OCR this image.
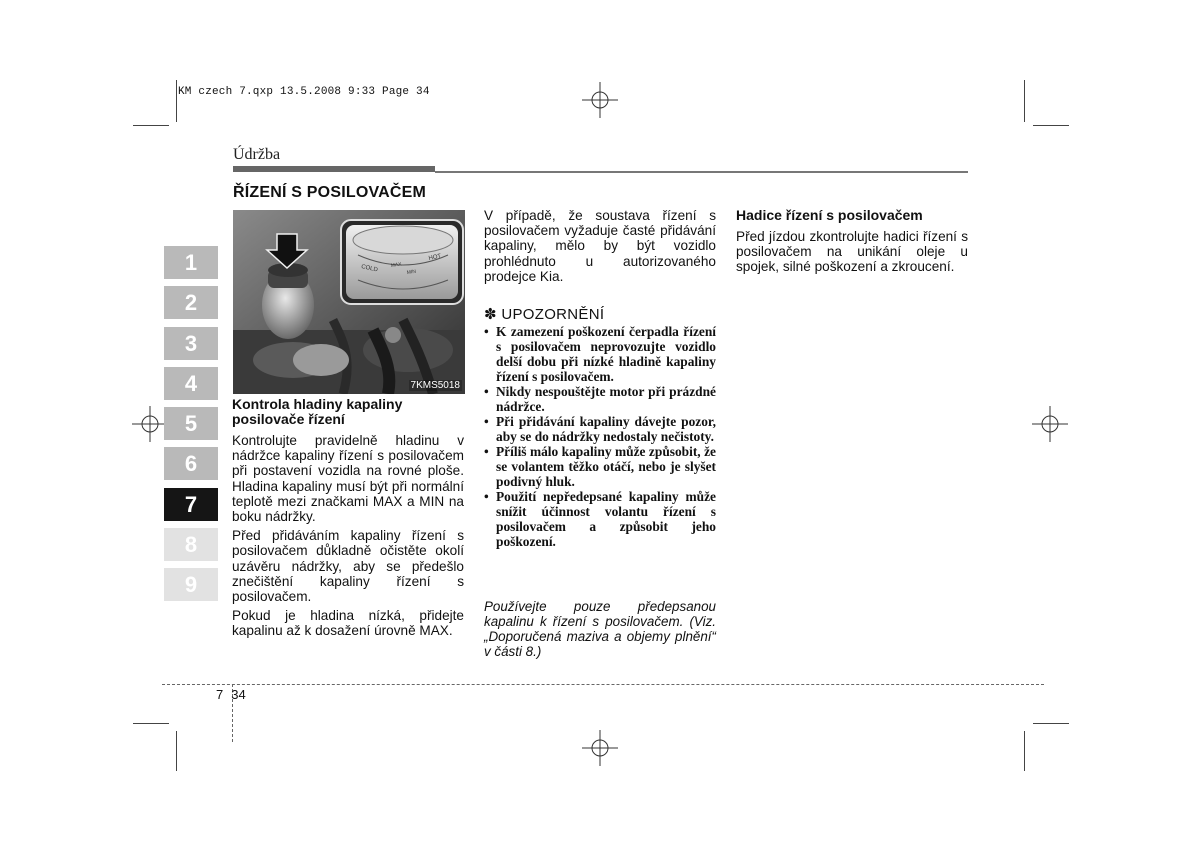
KM czech 7.qxp 13.5.2008 9:33 Page 34
Údržba
1
2
3
4
5
6
7
8
9
ŘÍZENÍ S POSILOVAČEM
COLD MAX
MIN
HOT
7KMS5018
Kontrola hladiny kapaliny posilovače řízení

Kontrolujte pravidelně hladinu v nádržce kapaliny řízení s posilovačem při postavení vozidla na rovné ploše. Hladina kapaliny musí být při normální teplotě mezi značkami MAX a MIN na boku nádržky.

Před přidáváním kapaliny řízení s posilovačem důkladně očistěte okolí uzávěru nádržky, aby se předešlo znečištění kapaliny řízení s posilovačem.

Pokud je hladina nízká, přidejte kapalinu až k dosažení úrovně MAX.

V případě, že soustava řízení s posilovačem vyžaduje časté přidávání kapaliny, mělo by být vozidlo prohlédnuto u autorizovaného prodejce Kia.
✽ UPOZORNĚNÍ
• K zamezení poškození čerpadla řízení s posilovačem neprovozujte vozidlo delší dobu při nízké hladině kapaliny řízení s posilovačem.
• Nikdy nespouštějte motor při prázdné nádržce.
• Při přidávání kapaliny dávejte pozor, aby se do nádržky nedostaly nečistoty.
• Příliš málo kapaliny může způsobit, že se volantem těžko otáčí, nebo je slyšet podivný hluk.
• Použití nepředepsané kapaliny může snížit účinnost volantu řízení s posilovačem a způsobit jeho poškození.
Používejte pouze předepsanou kapalinu k řízení s posilovačem. (Viz. „Doporučená maziva a objemy plnění“ v části 8.)
Hadice řízení s posilovačem
Před jízdou zkontrolujte hadici řízení s posilovačem na unikání oleje u spojek, silné poškození a zkroucení.
7 34
